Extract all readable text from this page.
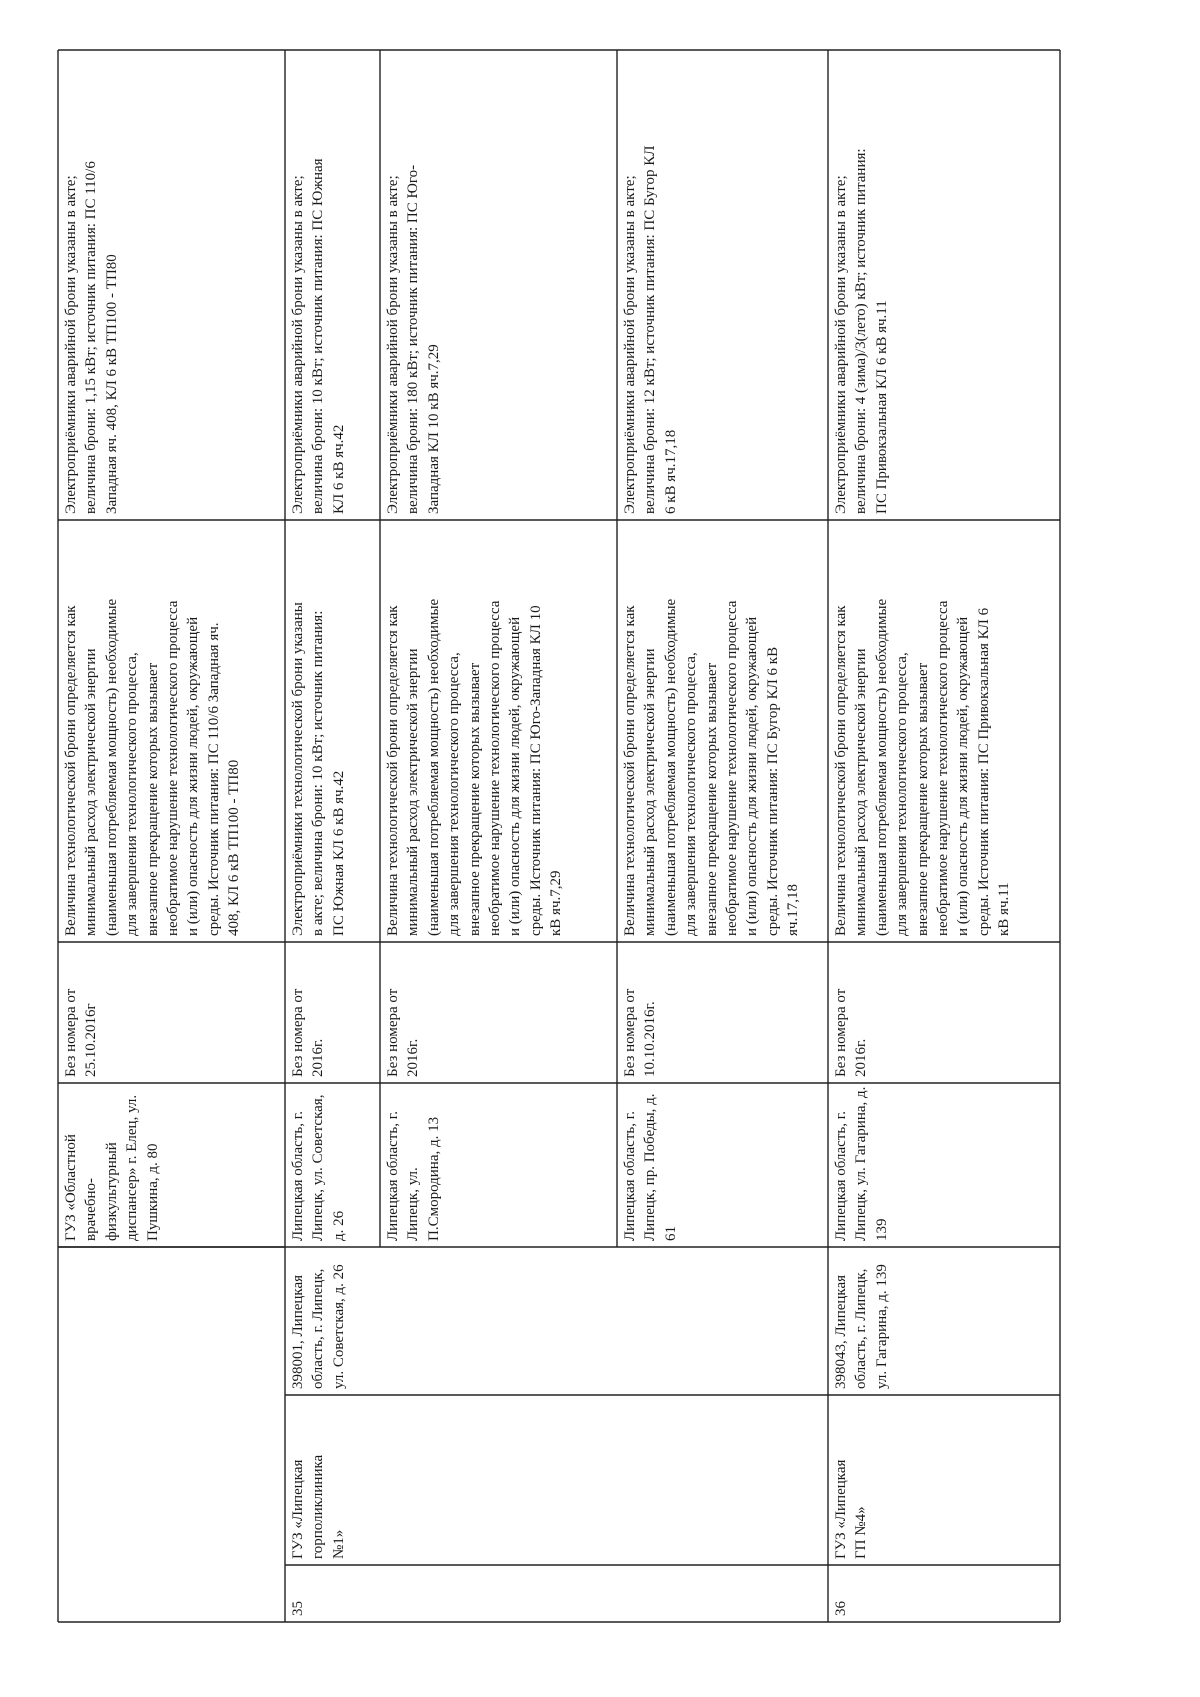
ГУЗ «Областной врачебно- физкультурный диспансер» г. Елец, ул. Пушкина, д. 80
Без номера от 25.10.2016г
Величина технологической брони определяется как минимальный расход электрической энергии (наименьшая потребляемая мощность) необходимые для завершения технологического процесса, внезапное прекращение которых вызывает необратимое нарушение технологического процесса и (или) опасность для жизни людей, окружающей среды. Источник питания: ПС 110/6 Западная яч. 408, КЛ 6 кВ ТП100 - ТП80
Электроприёмники аварийной брони указаны в акте; величина брони: 1,15 кВт; источник питания: ПС 110/6 Западная яч. 408, КЛ 6 кВ ТП100 - ТП80
35
ГУЗ «Липецкая горполиклиника №1»
398001, Липецкая область, г. Липецк, ул. Советская, д. 26
Липецкая область, г. Липецк, ул. Советская, д. 26
Без номера от 2016г.
Электроприёмники технологической брони указаны в акте; величина брони: 10 кВт; источник питания: ПС Южная КЛ 6 кВ яч.42
Электроприёмники аварийной брони указаны в акте; величина брони: 10 кВт; источник питания: ПС Южная КЛ 6 кВ яч.42
Липецкая область, г. Липецк, ул. П.Смородина, д. 13
Без номера от 2016г.
Величина технологической брони определяется как минимальный расход электрической энергии (наименьшая потребляемая мощность) необходимые для завершения технологического процесса, внезапное прекращение которых вызывает необратимое нарушение технологического процесса и (или) опасность для жизни людей, окружающей среды. Источник питания: ПС Юго-Западная КЛ 10 кВ яч.7,29
Электроприёмники аварийной брони указаны в акте; величина брони: 180 кВт; источник питания: ПС Юго- Западная КЛ 10 кВ яч.7,29
Липецкая область, г. Липецк, пр. Победы, д. 61
Без номера от 10.10.2016г.
Величина технологической брони определяется как минимальный расход электрической энергии (наименьшая потребляемая мощность) необходимые для завершения технологического процесса, внезапное прекращение которых вызывает необратимое нарушение технологического процесса и (или) опасность для жизни людей, окружающей среды. Источник питания: ПС Бугор КЛ 6 кВ яч.17,18
Электроприёмники аварийной брони указаны в акте; величина брони: 12 кВт; источник питания: ПС Бугор КЛ 6 кВ яч.17,18
36
ГУЗ «Липецкая ГП №4»
398043, Липецкая область, г. Липецк, ул. Гагарина, д. 139
Липецкая область, г. Липецк, ул. Гагарина, д. 139
Без номера от 2016г.
Величина технологической брони определяется как минимальный расход электрической энергии (наименьшая потребляемая мощность) необходимые для завершения технологического процесса, внезапное прекращение которых вызывает необратимое нарушение технологического процесса и (или) опасность для жизни людей, окружающей среды. Источник питания: ПС Привокзальная КЛ 6 кВ яч.11
Электроприёмники аварийной брони указаны в акте; величина брони: 4 (зима)/3(лето) кВт; источник питания: ПС Привокзальная КЛ 6 кВ яч.11
